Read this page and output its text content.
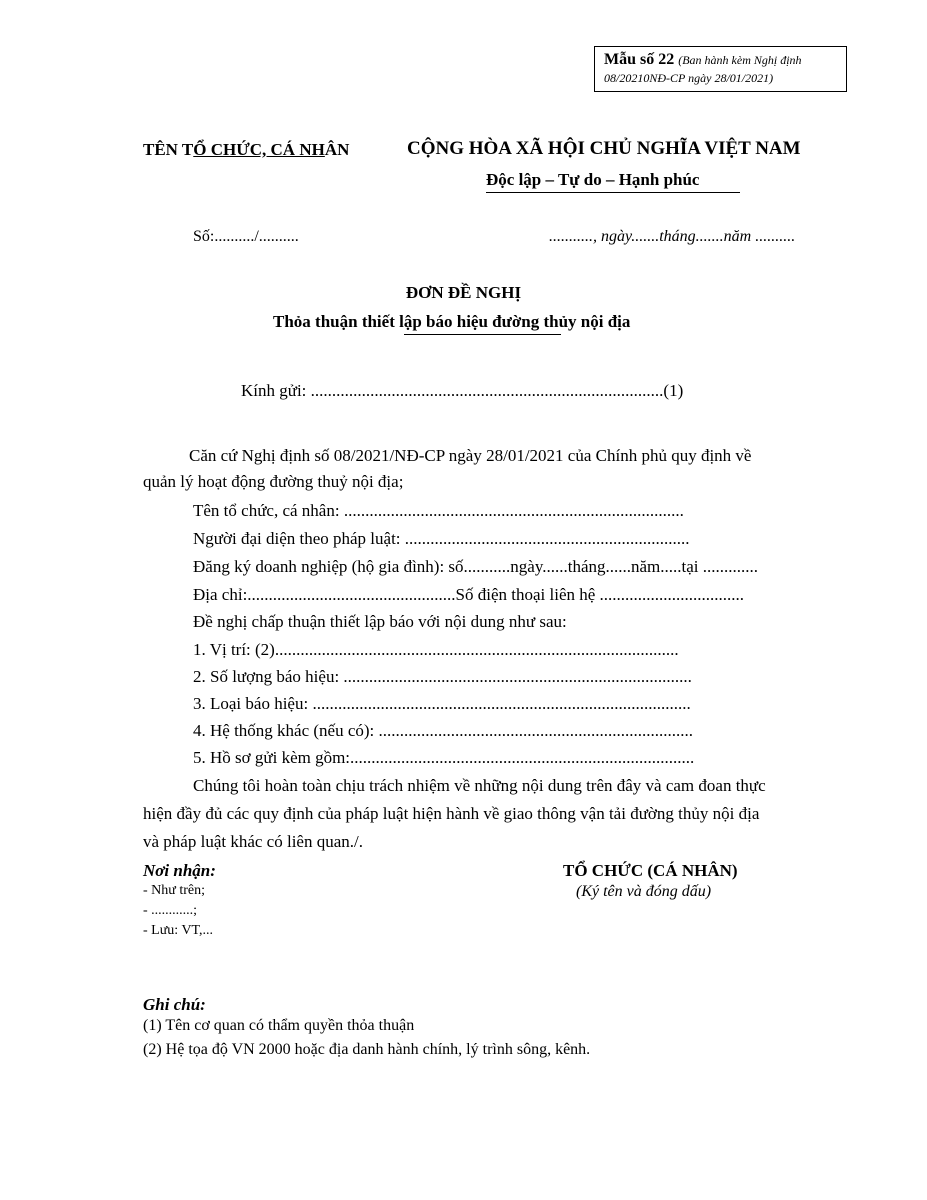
Mẫu số 22 (Ban hành kèm Nghị định
08/20210NĐ-CP ngày 28/01/2021)
TÊN TỔ CHỨC, CÁ NHÂN	CỘNG HÒA XÃ HỘI CHỦ NGHĨA VIỆT NAM
Độc lập – Tự do – Hạnh phúc
Số:........../..........	..........., ngày.......tháng.......năm ..........
ĐƠN ĐỀ NGHỊ
Thỏa thuận thiết lập báo hiệu đường thủy nội địa
Kính gửi: ...................................................................................(1)
Căn cứ Nghị định số 08/2021/NĐ-CP ngày 28/01/2021 của Chính phủ quy định về
quản lý hoạt động đường thuỷ nội địa;
Tên tổ chức, cá nhân: ................................................................................
Người đại diện theo pháp luật: ...................................................................
Đăng ký doanh nghiệp (hộ gia đình): số...........ngày......tháng......năm.....tại .............
Địa chỉ:.................................................Số điện thoại liên hệ ..................................
Đề nghị chấp thuận thiết lập báo với nội dung như sau:
1. Vị trí: (2)...............................................................................................
2. Số lượng báo hiệu: ..................................................................................
3. Loại báo hiệu: .........................................................................................
4. Hệ thống khác (nếu có): ..........................................................................
5. Hồ sơ gửi kèm gồm:.................................................................................
Chúng tôi hoàn toàn chịu trách nhiệm về những nội dung trên đây và cam đoan thực
hiện đầy đủ các quy định của pháp luật hiện hành về giao thông vận tải đường thủy nội địa
và pháp luật khác có liên quan./.
Nơi nhận:
- Như trên;
- ............;
- Lưu: VT,...
TỔ CHỨC (CÁ NHÂN)
(Ký tên và đóng dấu)
Ghi chú:
(1) Tên cơ quan có thẩm quyền thỏa thuận
(2) Hệ tọa độ VN 2000 hoặc địa danh hành chính, lý trình sông, kênh.
